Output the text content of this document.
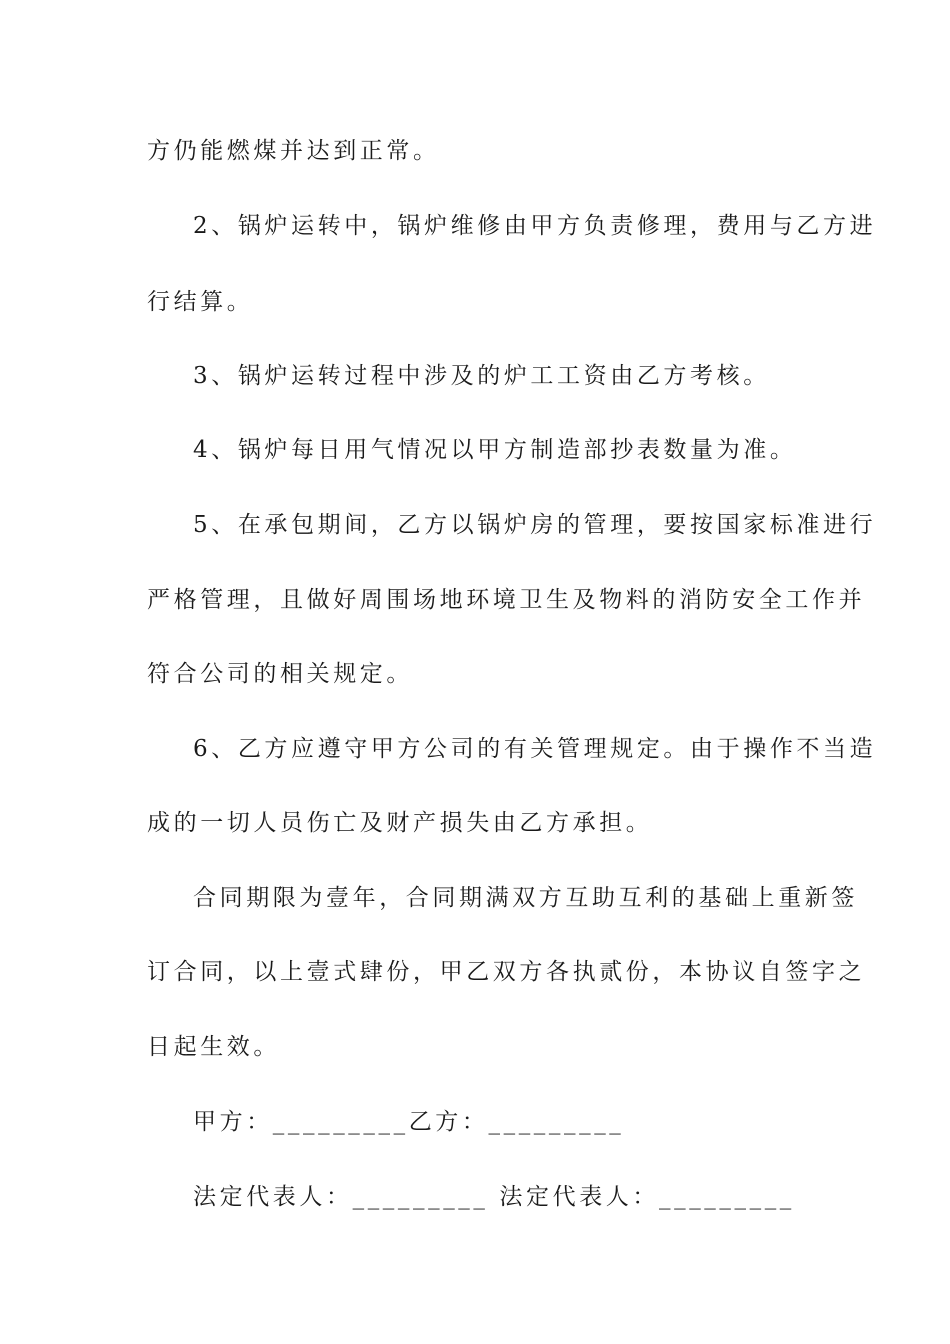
方仍能燃煤并达到正常。
2、锅炉运转中，锅炉维修由甲方负责修理，费用与乙方进
行结算。
3、锅炉运转过程中涉及的炉工工资由乙方考核。
4、锅炉每日用气情况以甲方制造部抄表数量为准。
5、在承包期间，乙方以锅炉房的管理，要按国家标准进行
严格管理，且做好周围场地环境卫生及物料的消防安全工作并
符合公司的相关规定。
6、乙方应遵守甲方公司的有关管理规定。由于操作不当造
成的一切人员伤亡及财产损失由乙方承担。
合同期限为壹年，合同期满双方互助互利的基础上重新签
订合同，以上壹式肆份，甲乙双方各执贰份，本协议自签字之
日起生效。
甲方：_________乙方：_________
法定代表人：_________ 法定代表人：_________
